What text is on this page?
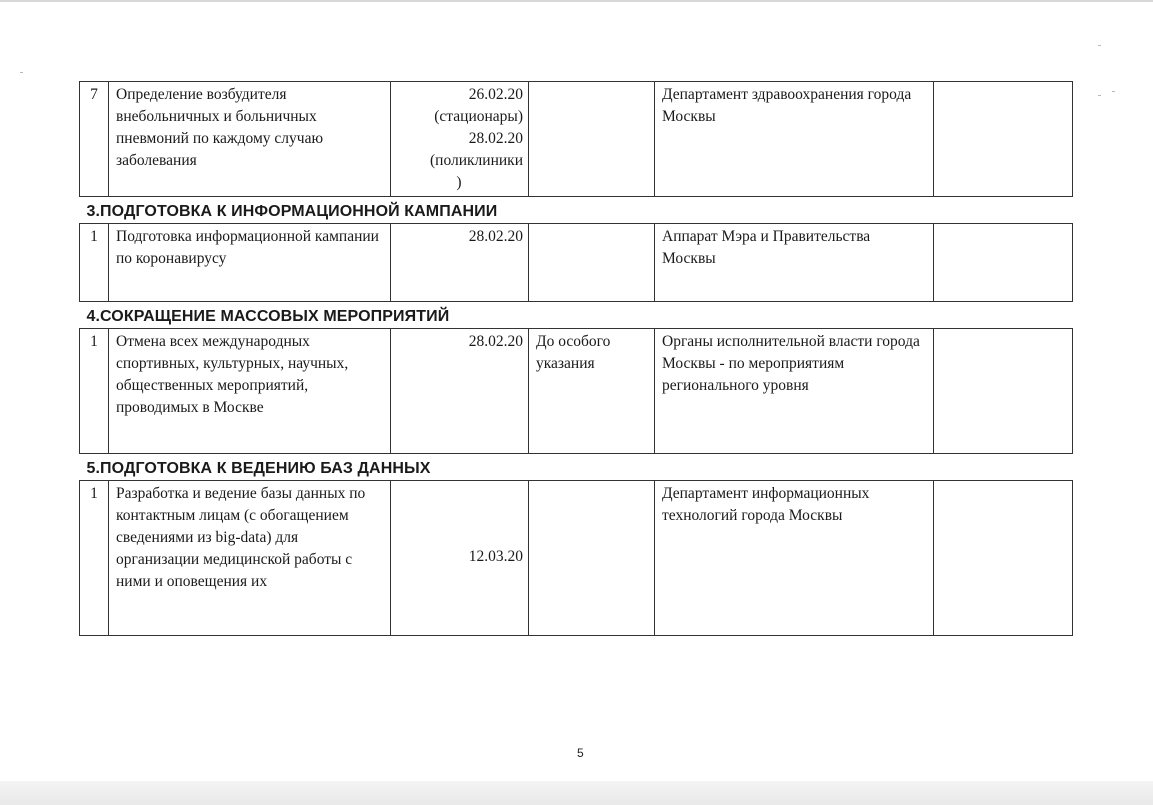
7	Определение возбудителя внебольничных и больничных пневмоний по каждому случаю заболевания	26.02.20
(стационары)
28.02.20
(поликлиники
)		Департамент здравоохранения города Москвы	
3.ПОДГОТОВКА К ИНФОРМАЦИОННОЙ КАМПАНИИ					
1	Подготовка информационной кампании по коронавирусу	28.02.20		Аппарат Мэра и Правительства Москвы	
4.СОКРАЩЕНИЕ МАССОВЫХ МЕРОПРИЯТИЙ					
1	Отмена всех международных спортивных, культурных, научных, общественных мероприятий, проводимых в Москве	28.02.20	До особого указания	Органы исполнительной власти города Москвы - по мероприятиям регионального уровня	
5.ПОДГОТОВКА К ВЕДЕНИЮ БАЗ ДАННЫХ					
1	Разработка и ведение базы данных по контактным лицам (с обогащением сведениями из big-data) для организации медицинской работы с ними и оповещения их	12.03.20		Департамент информационных технологий города Москвы	
5
